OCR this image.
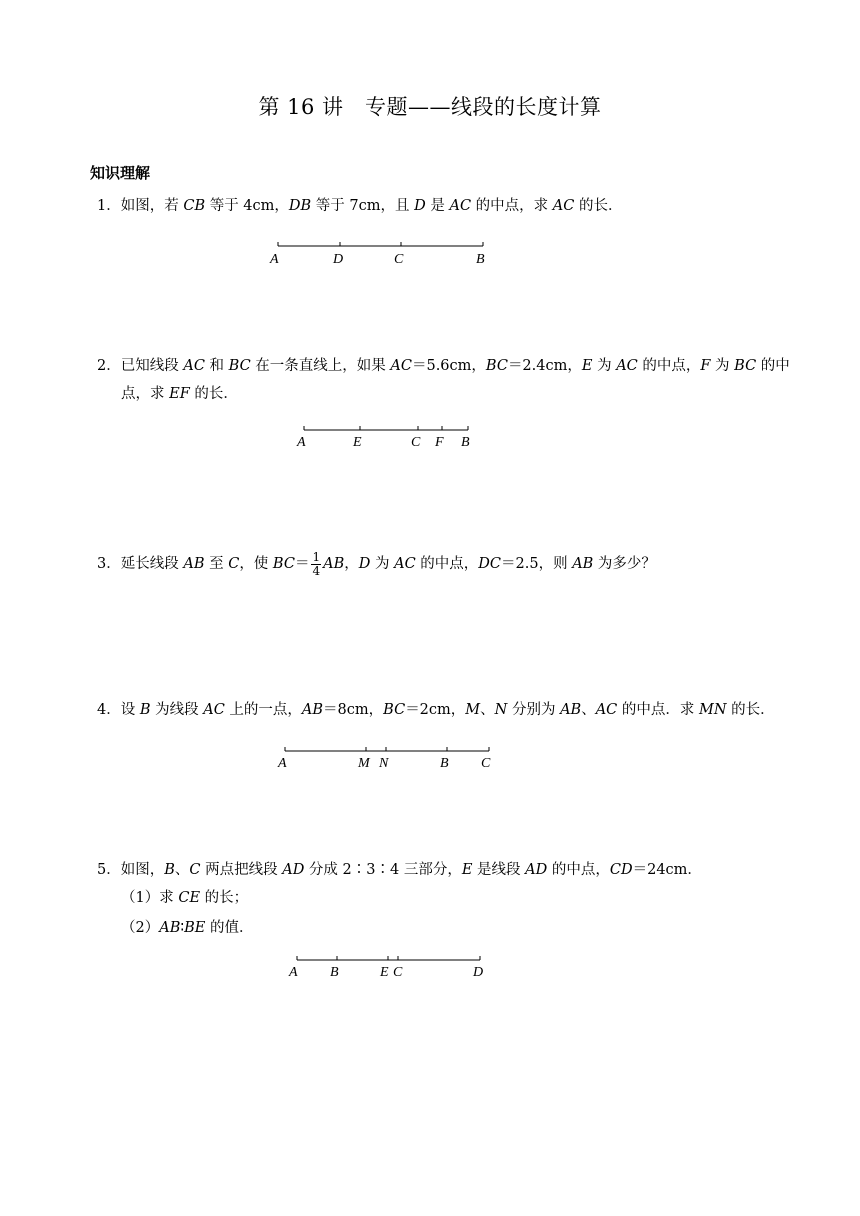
第 16 讲　专题——线段的长度计算
知识理解
1．如图，若 CB 等于 4cm，DB 等于 7cm，且 D 是 AC 的中点，求 AC 的长．
A	D	C	B
2．已知线段 AC 和 BC 在一条直线上，如果 AC＝5.6cm，BC＝2.4cm，E 为 AC 的中点，F 为 BC 的中
点，求 EF 的长．
A	E	C F B
3．延长线段 AB 至 C，使 $BC= \frac{1}{4}$ AB，D 为 AC 的中点，DC＝2.5，则 AB 为多少？
4．设 B 为线段 AC 上的一点，AB＝8cm，BC＝2cm，M、N 分别为 AB、AC 的中点．求 MN 的长．
A	M N	B C
5．如图，B、C 两点把线段 AD 分成 2∶3∶4 三部分，E 是线段 AD 的中点，CD＝24cm．
（1）求 CE 的长；
（2）AB∶BE 的值．
A B	E C	D
